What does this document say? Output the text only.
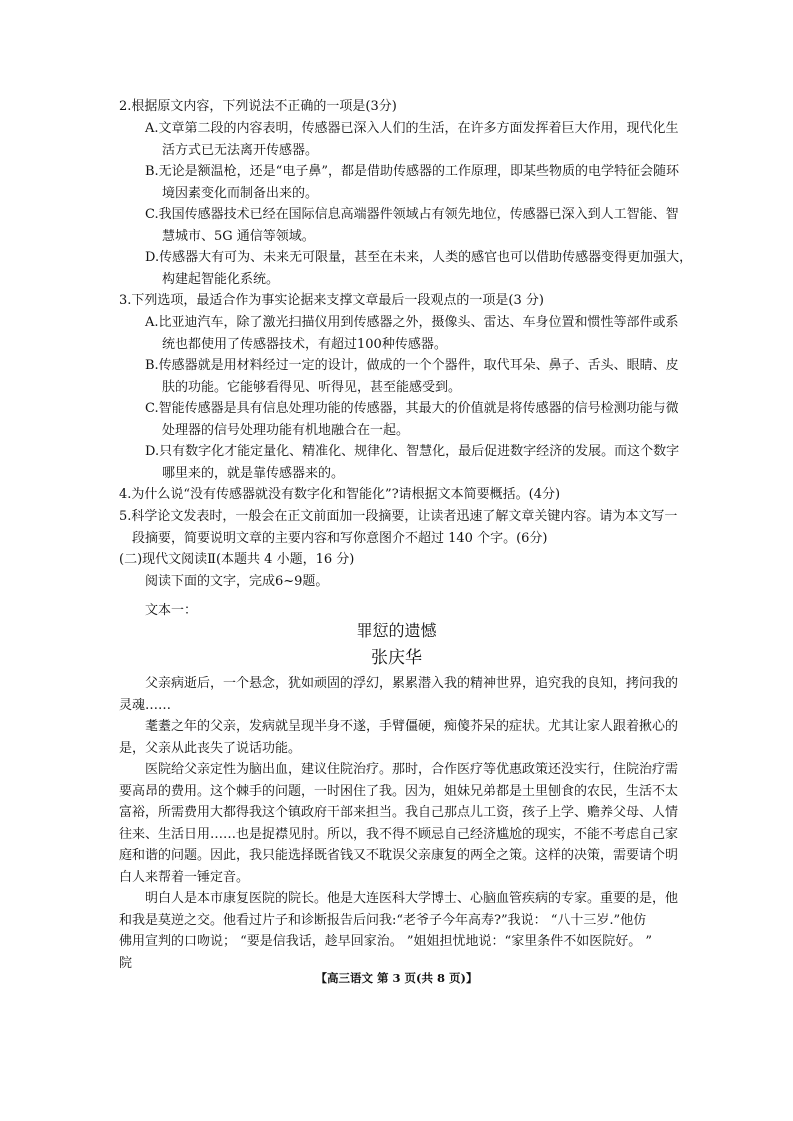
2.根据原文内容，下列说法不正确的一项是(3分)
A.文章第二段的内容表明，传感器已深入人们的生活，在许多方面发挥着巨大作用，现代化生
活方式已无法离开传感器。
B.无论是额温枪，还是“电子鼻”，都是借助传感器的工作原理，即某些物质的电学特征会随环
境因素变化而制备出来的。
C.我国传感器技术已经在国际信息高端器件领域占有领先地位，传感器已深入到人工智能、智
慧城市、5G 通信等领域。
D.传感器大有可为、未来无可限量，甚至在未来，人类的感官也可以借助传感器变得更加强大，
构建起智能化系统。
3.下列选项，最适合作为事实论据来支撑文章最后一段观点的一项是(3 分)
A.比亚迪汽车，除了激光扫描仪用到传感器之外，摄像头、雷达、车身位置和惯性等部件或系
统也都使用了传感器技术，有超过100种传感器。
B.传感器就是用材料经过一定的设计，做成的一个个器件，取代耳朵、鼻子、舌头、眼睛、皮
肤的功能。它能够看得见、听得见，甚至能感受到。
C.智能传感器是具有信息处理功能的传感器，其最大的价值就是将传感器的信号检测功能与微
处理器的信号处理功能有机地融合在一起。
D.只有数字化才能定量化、精准化、规律化、智慧化，最后促进数字经济的发展。而这个数字
哪里来的，就是靠传感器来的。
4.为什么说“没有传感器就没有数字化和智能化”?请根据文本简要概括。(4分)
5.科学论文发表时，一般会在正文前面加一段摘要，让读者迅速了解文章关键内容。请为本文写一
段摘要，简要说明文章的主要内容和写你意图介不超过 140 个字。(6分)
(二)现代文阅读Ⅱ(本题共 4 小题，16 分)
阅读下面的文字，完成6~9题。
文本一：
罪愆的遗憾
张庆华
父亲病逝后，一个悬念，犹如顽固的浮幻，累累潜入我的精神世界，追究我的良知，拷问我的
灵魂……
耄耋之年的父亲，发病就呈现半身不遂，手臂僵硬，痴傻芥呆的症状。尤其让家人跟着揪心的
是，父亲从此丧失了说话功能。
医院给父亲定性为脑出血，建议住院治疗。那时，合作医疗等优惠政策还没实行，住院治疗需
要高昂的费用。这个棘手的问题，一时困住了我。因为，姐妹兄弟都是土里刨食的农民，生活不太
富裕，所需费用大都得我这个镇政府干部来担当。我自己那点儿工资，孩子上学、赡养父母、人情
往来、生活日用……也是捉襟见肘。所以，我不得不顾忌自己经济尴尬的现实，不能不考虑自己家
庭和谐的问题。因此，我只能选择既省钱又不耽误父亲康复的两全之策。这样的决策，需要请个明
白人来帮着一锤定音。
明白人是本市康复医院的院长。他是大连医科大学博士、心脑血管疾病的专家。重要的是，他
和我是莫逆之交。他看过片子和诊断报告后问我:“老爷子今年高寿?”我说： “八十三岁.”他仿
佛用宣判的口吻说； “要是信我话，趁早回家治。 ”姐姐担忧地说：“家里条件不如医院好。 ”
院
【高三语文 第 3 页(共 8 页)】
